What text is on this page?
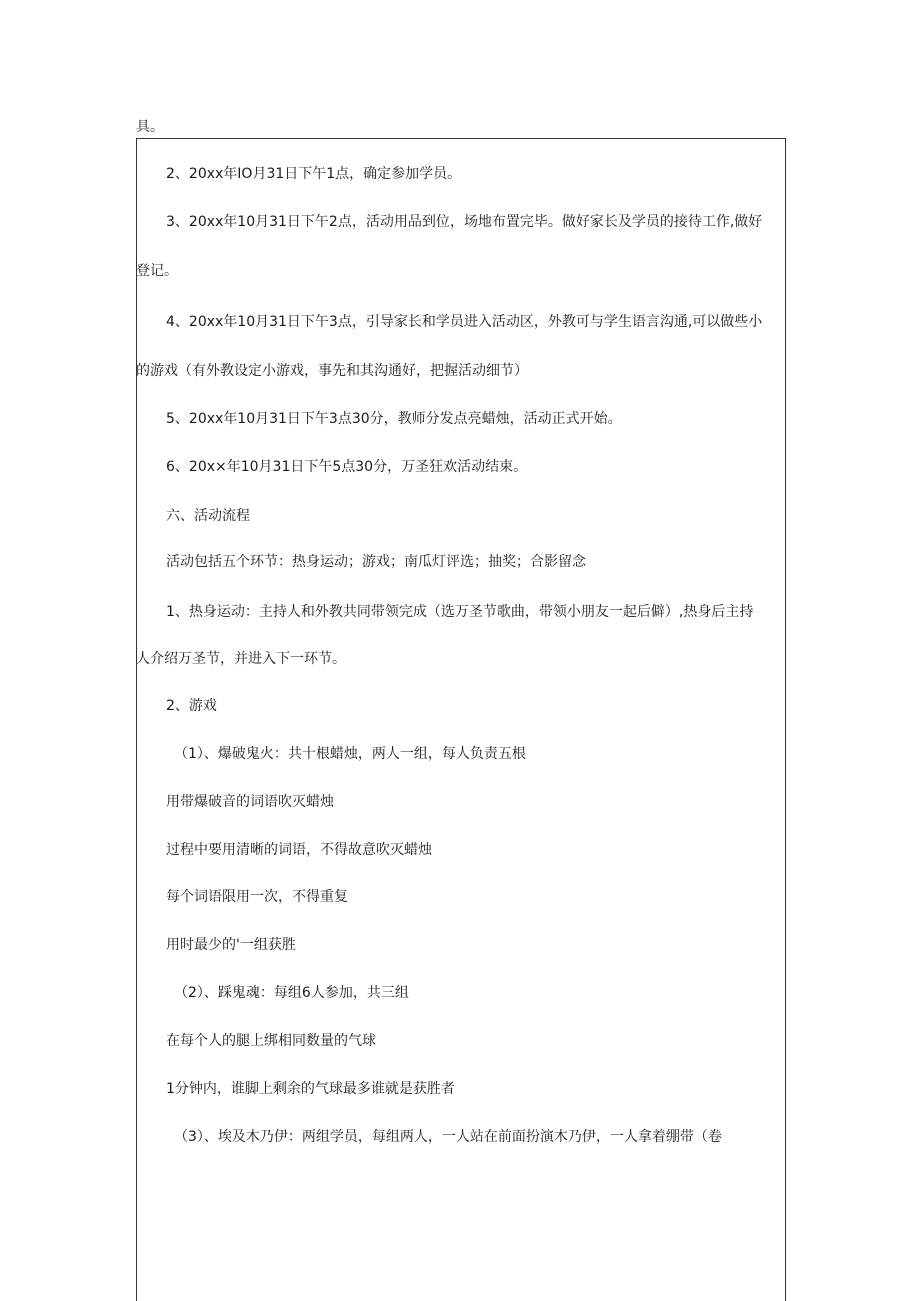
具。
2、20xx年IO月31日下午1点，确定参加学员。
3、20xx年10月31日下午2点，活动用品到位，场地布置完毕。做好家长及学员的接待工作,做好
登记。
4、20xx年10月31日下午3点，引导家长和学员进入活动区，外教可与学生语言沟通,可以做些小
的游戏（有外教设定小游戏，事先和其沟通好，把握活动细节）
5、20xx年10月31日下午3点30分，教师分发点亮蜡烛，活动正式开始。
6、20x×年10月31日下午5点30分，万圣狂欢活动结束。
六、活动流程
活动包括五个环节：热身运动；游戏；南瓜灯评选；抽奖；合影留念
1、热身运动：主持人和外教共同带领完成（选万圣节歌曲，带领小朋友一起后僻）,热身后主持
人介绍万圣节，并进入下一环节。
2、游戏
（1）、爆破鬼火：共十根蜡烛，两人一组，每人负责五根
用带爆破音的词语吹灭蜡烛
过程中要用清晰的词语，不得故意吹灭蜡烛
每个词语限用一次，不得重复
用时最少的'一组获胜
（2）、踩鬼魂：每组6人参加，共三组
在每个人的腿上绑相同数量的气球
1分钟内，谁脚上剩余的气球最多谁就是获胜者
（3）、埃及木乃伊：两组学员，每组两人，一人站在前面扮演木乃伊，一人拿着绷带（卷
